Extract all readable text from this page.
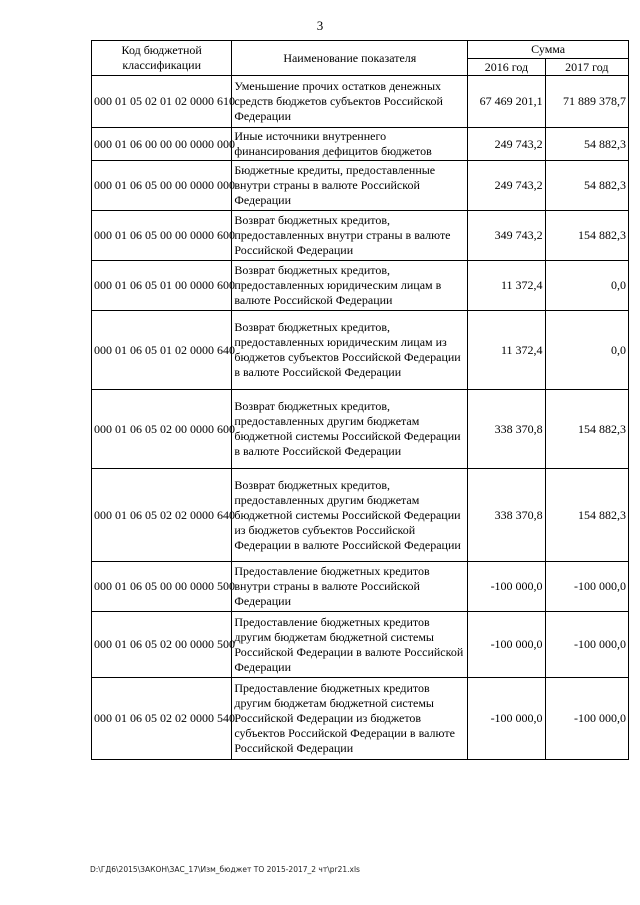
3
Код бюджетной классификации	Наименование показателя	Сумма	
		2016 год	2017 год
000 01 05 02 01 02 0000 610	Уменьшение прочих остатков денежных средств бюджетов субъектов Российской Федерации	67 469 201,1	71 889 378,7
000 01 06 00 00 00 0000 000	Иные источники внутреннего финансирования дефицитов бюджетов	249 743,2	54 882,3
000 01 06 05 00 00 0000 000	Бюджетные кредиты, предоставленные внутри страны в валюте Российской Федерации	249 743,2	54 882,3
000 01 06 05 00 00 0000 600	Возврат бюджетных кредитов, предоставленных внутри страны в валюте Российской Федерации	349 743,2	154 882,3
000 01 06 05 01 00 0000 600	Возврат бюджетных кредитов, предоставленных юридическим лицам в валюте Российской Федерации	11 372,4	0,0
000 01 06 05 01 02 0000 640	Возврат бюджетных кредитов, предоставленных юридическим лицам из бюджетов субъектов Российской Федерации в валюте Российской Федерации	11 372,4	0,0
000 01 06 05 02 00 0000 600	Возврат бюджетных кредитов, предоставленных другим бюджетам бюджетной системы Российской Федерации в валюте Российской Федерации	338 370,8	154 882,3
000 01 06 05 02 02 0000 640	Возврат бюджетных кредитов, предоставленных другим бюджетам бюджетной системы Российской Федерации из бюджетов субъектов Российской Федерации в валюте Российской Федерации	338 370,8	154 882,3
000 01 06 05 00 00 0000 500	Предоставление бюджетных кредитов внутри страны в валюте Российской Федерации	-100 000,0	-100 000,0
000 01 06 05 02 00 0000 500	Предоставление бюджетных кредитов другим бюджетам бюджетной системы Российской Федерации в валюте Российской Федерации	-100 000,0	-100 000,0
000 01 06 05 02 02 0000 540	Предоставление бюджетных кредитов другим бюджетам бюджетной системы Российской Федерации из бюджетов субъектов Российской Федерации в валюте Российской Федерации	-100 000,0	-100 000,0
D:\ГД6\2015\ЗАКОН\ЗАС_17\Изм_бюджет ТО 2015-2017_2 чт\pr21.xls
